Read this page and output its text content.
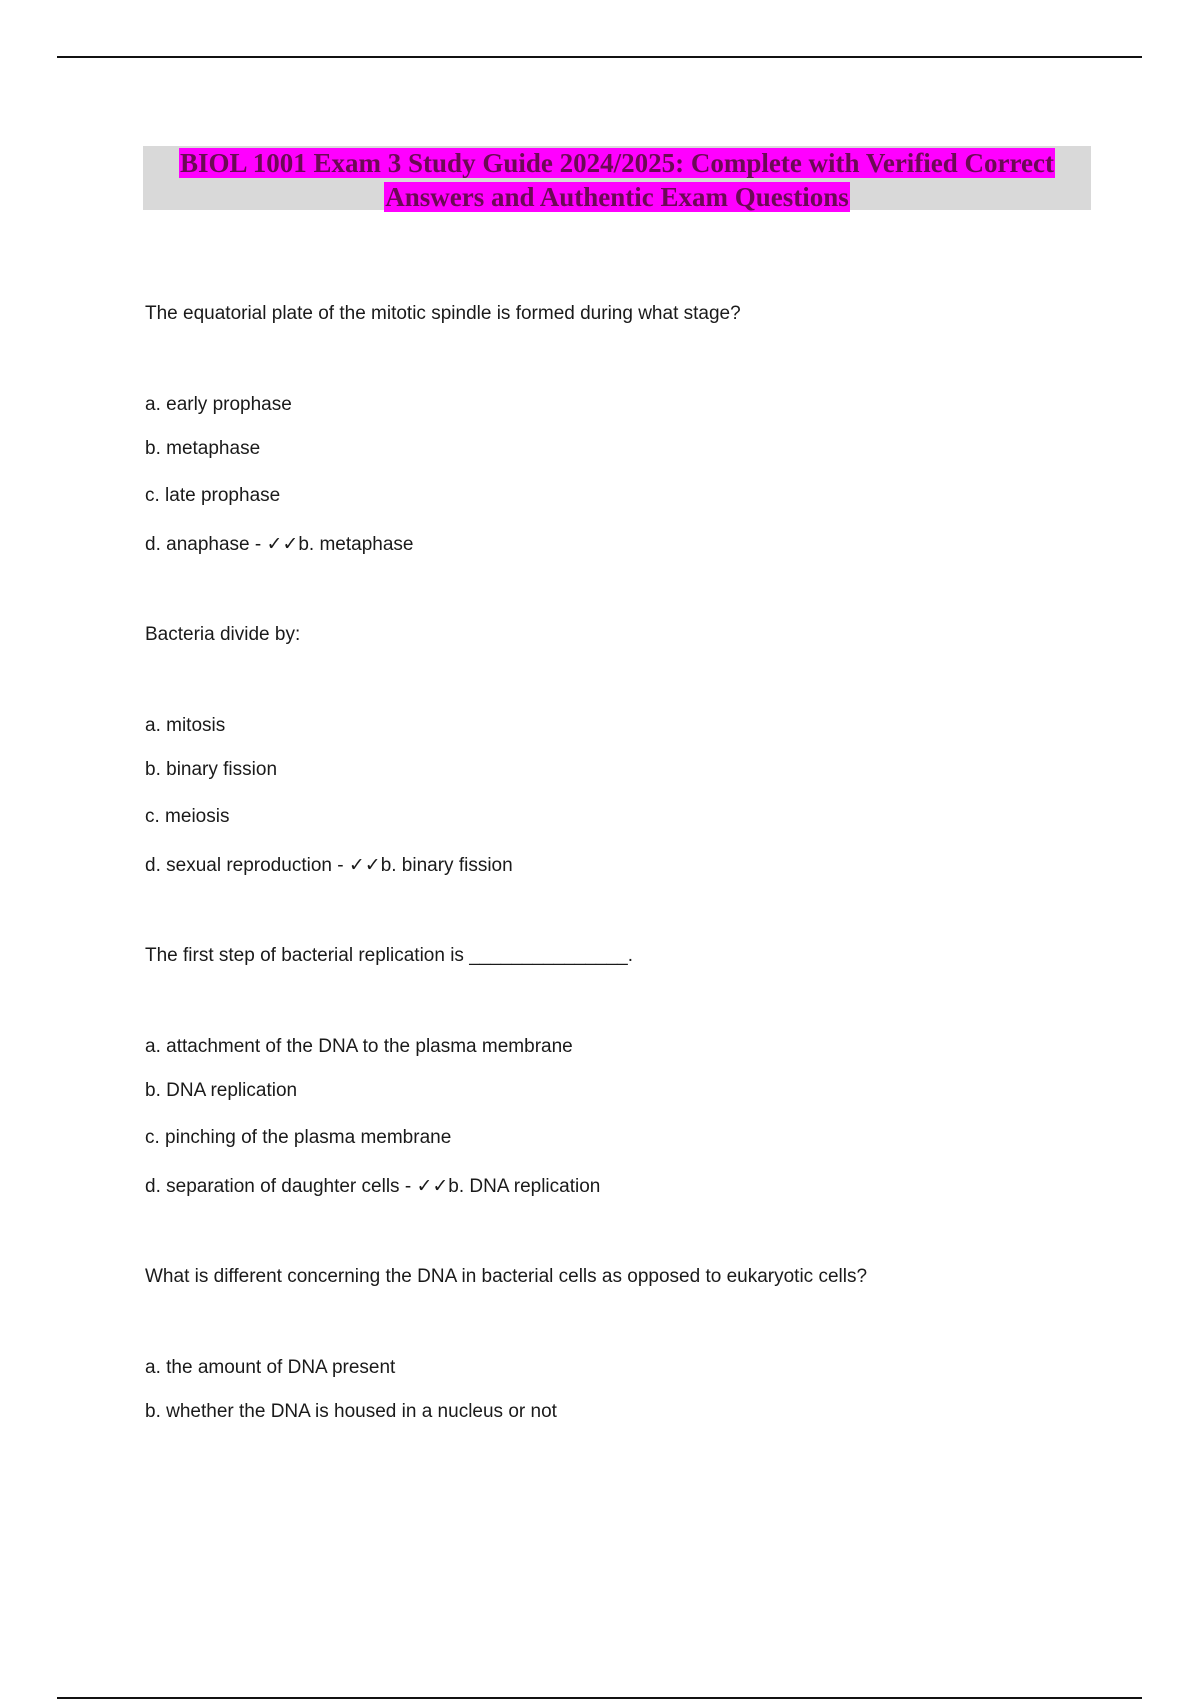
BIOL 1001 Exam 3 Study Guide 2024/2025: Complete with Verified Correct
Answers and Authentic Exam Questions
The equatorial plate of the mitotic spindle is formed during what stage?
a. early prophase
b. metaphase
c. late prophase
d. anaphase - ✓✓b. metaphase
Bacteria divide by:
a. mitosis
b. binary fission
c. meiosis
d. sexual reproduction - ✓✓b. binary fission
The first step of bacterial replication is _______________.
a. attachment of the DNA to the plasma membrane
b. DNA replication
c. pinching of the plasma membrane
d. separation of daughter cells - ✓✓b. DNA replication
What is different concerning the DNA in bacterial cells as opposed to eukaryotic cells?
a. the amount of DNA present
b. whether the DNA is housed in a nucleus or not
